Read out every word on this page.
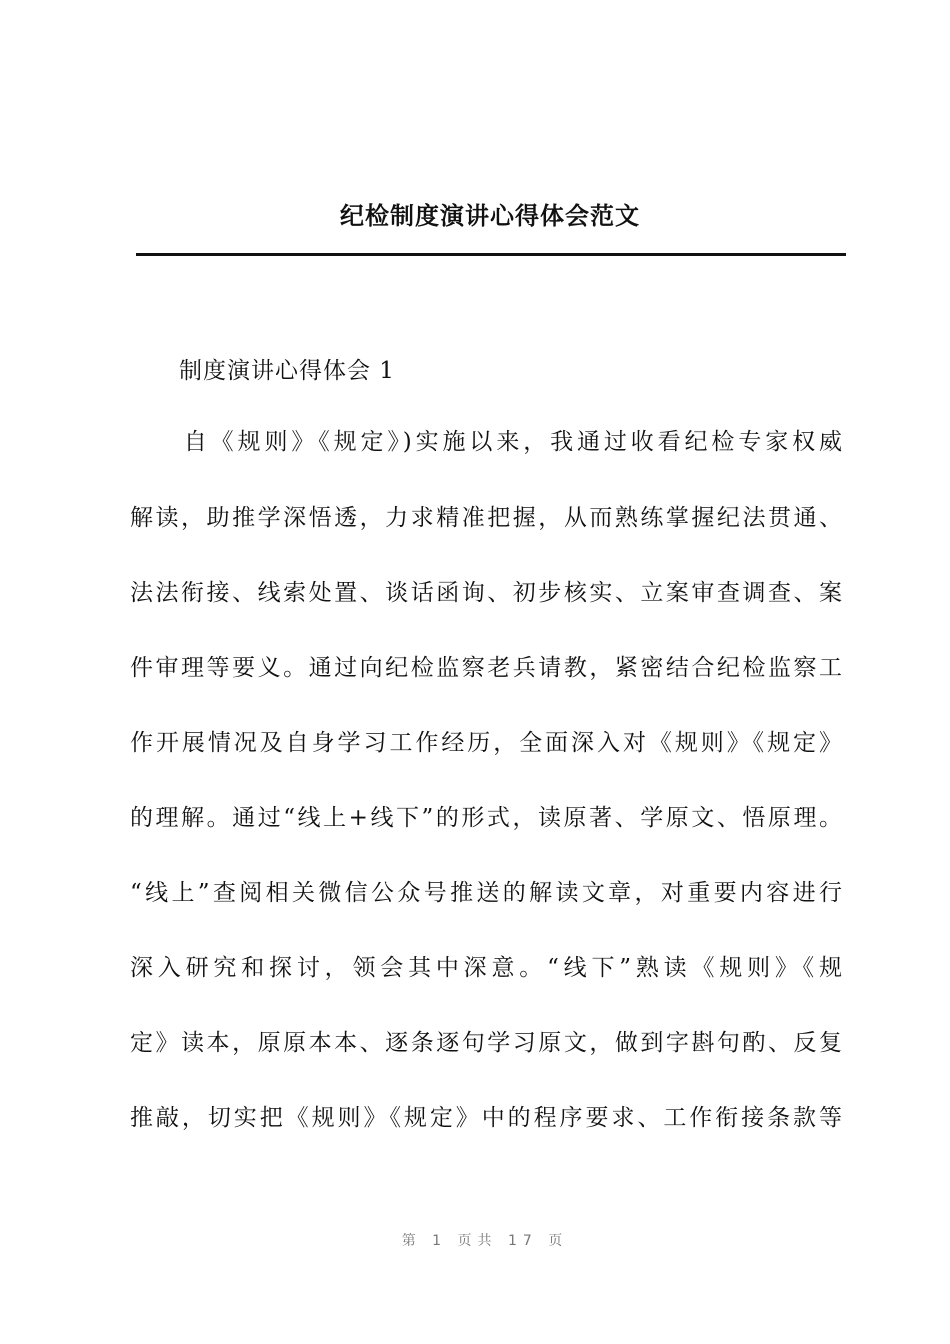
纪检制度演讲心得体会范文
制度演讲心得体会 1
　　自《规则》《规定》)实施以来，我通过收看纪检专家权威
解读，助推学深悟透，力求精准把握，从而熟练掌握纪法贯通、
法法衔接、线索处置、谈话函询、初步核实、立案审查调查、案
件审理等要义。通过向纪检监察老兵请教，紧密结合纪检监察工
作开展情况及自身学习工作经历，全面深入对《规则》《规定》
的理解。通过“线上+线下”的形式，读原著、学原文、悟原理。
“线上”查阅相关微信公众号推送的解读文章，对重要内容进行
深入研究和探讨，领会其中深意。“线下”熟读《规则》《规
定》读本，原原本本、逐条逐句学习原文，做到字斟句酌、反复
推敲，切实把《规则》《规定》中的程序要求、工作衔接条款等
第 1 页共 17 页
